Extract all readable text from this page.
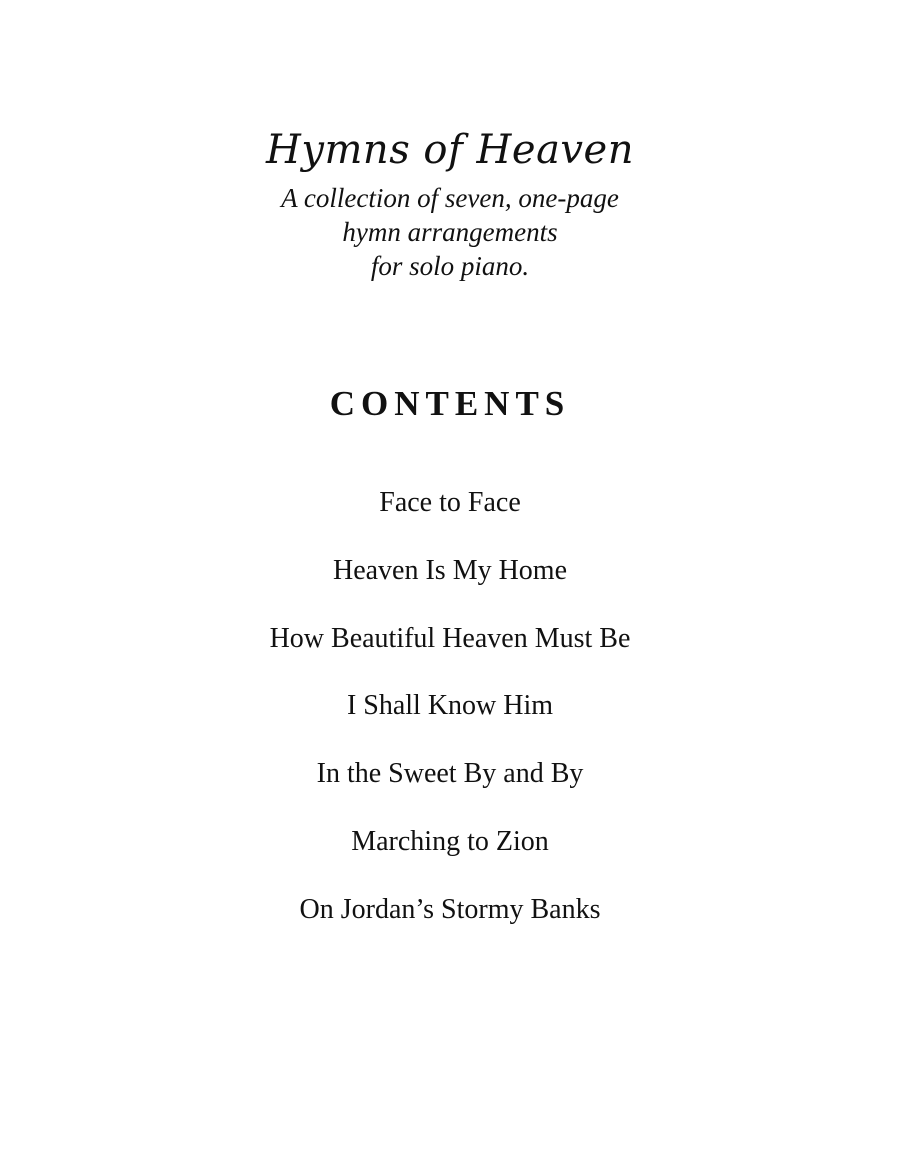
Hymns of Heaven
A collection of seven, one-page
hymn arrangements
for solo piano.
CONTENTS
Face to Face
Heaven Is My Home
How Beautiful Heaven Must Be
I Shall Know Him
In the Sweet By and By
Marching to Zion
On Jordan’s Stormy Banks
